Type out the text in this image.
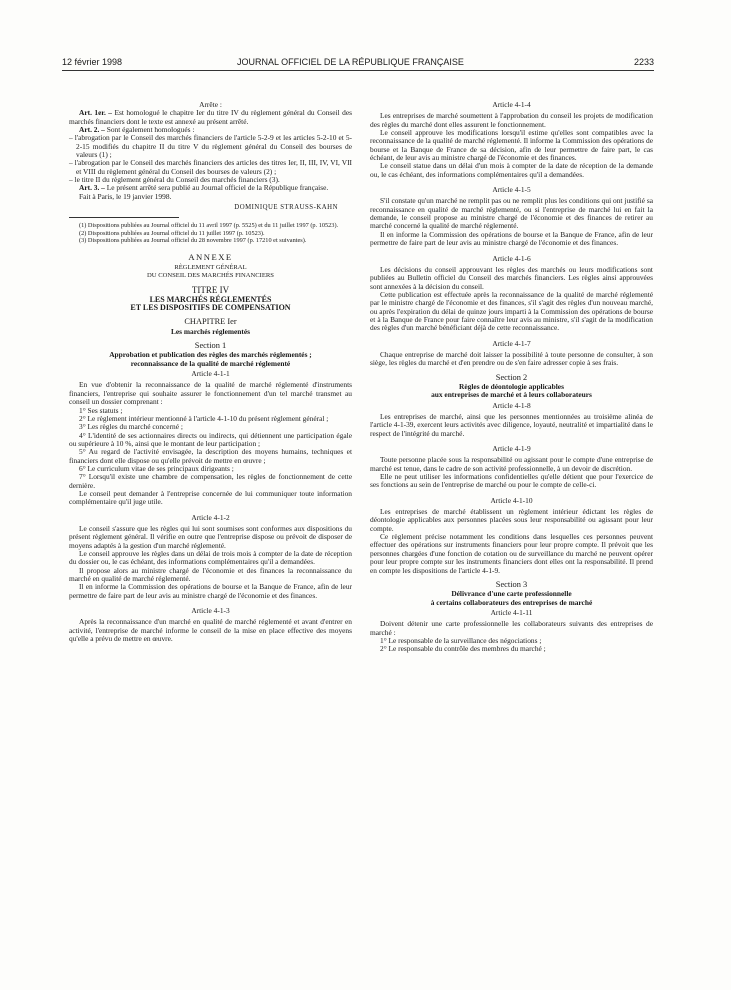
12 février 1998	JOURNAL OFFICIEL DE LA RÉPUBLIQUE FRANÇAISE	2233

Arrête :

Art. 1er. – Est homologué le chapitre Ier du titre IV du règlement général du Conseil des marchés financiers dont le texte est annexé au présent arrêté.

Art. 2. – Sont également homologués :

– l'abrogation par le Conseil des marchés financiers de l'article 5-2-9 et les articles 5-2-10 et 5-2-15 modifiés du chapitre II du titre V du règlement général du Conseil des bourses de valeurs (1) ;

– l'abrogation par le Conseil des marchés financiers des articles des titres Ier, II, III, IV, VI, VII et VIII du règlement général du Conseil des bourses de valeurs (2) ;

– le titre II du règlement général du Conseil des marchés financiers (3).

Art. 3. – Le présent arrêté sera publié au Journal officiel de la République française.

Fait à Paris, le 19 janvier 1998.

DOMINIQUE STRAUSS-KAHN

(1) Dispositions publiées au Journal officiel du 11 avril 1997 (p. 5525) et du 11 juillet 1997 (p. 10523).

(2) Dispositions publiées au Journal officiel du 11 juillet 1997 (p. 10523).

(3) Dispositions publiées au Journal officiel du 28 novembre 1997 (p. 17210 et suivantes).

ANNEXE

RÈGLEMENT GÉNÉRAL

DU CONSEIL DES MARCHÉS FINANCIERS

TITRE IV

LES MARCHÉS RÉGLEMENTÉS

ET LES DISPOSITIFS DE COMPENSATION

CHAPITRE Ier

Les marchés réglementés

Section 1

Approbation et publication des règles des marchés réglementés ;

reconnaissance de la qualité de marché réglementé

Article 4-1-1

En vue d'obtenir la reconnaissance de la qualité de marché réglementé d'instruments financiers, l'entreprise qui souhaite assurer le fonctionnement d'un tel marché transmet au conseil un dossier comprenant :

1° Ses statuts ;

2° Le règlement intérieur mentionné à l'article 4-1-10 du présent règlement général ;

3° Les règles du marché concerné ;

4° L'identité de ses actionnaires directs ou indirects, qui détiennent une participation égale ou supérieure à 10 %, ainsi que le montant de leur participation ;

5° Au regard de l'activité envisagée, la description des moyens humains, techniques et financiers dont elle dispose ou qu'elle prévoit de mettre en œuvre ;

6° Le curriculum vitae de ses principaux dirigeants ;

7° Lorsqu'il existe une chambre de compensation, les règles de fonctionnement de cette dernière.

Le conseil peut demander à l'entreprise concernée de lui communiquer toute information complémentaire qu'il juge utile.

Article 4-1-2

Le conseil s'assure que les règles qui lui sont soumises sont conformes aux dispositions du présent règlement général. Il vérifie en outre que l'entreprise dispose ou prévoit de disposer de moyens adaptés à la gestion d'un marché réglementé.

Le conseil approuve les règles dans un délai de trois mois à compter de la date de réception du dossier ou, le cas échéant, des informations complémentaires qu'il a demandées.

Il propose alors au ministre chargé de l'économie et des finances la reconnaissance du marché en qualité de marché réglementé.

Il en informe la Commission des opérations de bourse et la Banque de France, afin de leur permettre de faire part de leur avis au ministre chargé de l'économie et des finances.

Article 4-1-3

Après la reconnaissance d'un marché en qualité de marché réglementé et avant d'entrer en activité, l'entreprise de marché informe le conseil de la mise en place effective des moyens qu'elle a prévu de mettre en œuvre.

Article 4-1-4

Les entreprises de marché soumettent à l'approbation du conseil les projets de modification des règles du marché dont elles assurent le fonctionnement.

Le conseil approuve les modifications lorsqu'il estime qu'elles sont compatibles avec la reconnaissance de la qualité de marché réglementé. Il informe la Commission des opérations de bourse et la Banque de France de sa décision, afin de leur permettre de faire part, le cas échéant, de leur avis au ministre chargé de l'économie et des finances.

Le conseil statue dans un délai d'un mois à compter de la date de réception de la demande ou, le cas échéant, des informations complémentaires qu'il a demandées.

Article 4-1-5

S'il constate qu'un marché ne remplit pas ou ne remplit plus les conditions qui ont justifié sa reconnaissance en qualité de marché réglementé, ou si l'entreprise de marché lui en fait la demande, le conseil propose au ministre chargé de l'économie et des finances de retirer au marché concerné la qualité de marché réglementé.

Il en informe la Commission des opérations de bourse et la Banque de France, afin de leur permettre de faire part de leur avis au ministre chargé de l'économie et des finances.

Article 4-1-6

Les décisions du conseil approuvant les règles des marchés ou leurs modifications sont publiées au Bulletin officiel du Conseil des marchés financiers. Les règles ainsi approuvées sont annexées à la décision du conseil.

Cette publication est effectuée après la reconnaissance de la qualité de marché réglementé par le ministre chargé de l'économie et des finances, s'il s'agit des règles d'un nouveau marché, ou après l'expiration du délai de quinze jours imparti à la Commission des opérations de bourse et à la Banque de France pour faire connaître leur avis au ministre, s'il s'agit de la modification des règles d'un marché bénéficiant déjà de cette reconnaissance.

Article 4-1-7

Chaque entreprise de marché doit laisser la possibilité à toute personne de consulter, à son siège, les règles du marché et d'en prendre ou de s'en faire adresser copie à ses frais.

Section 2

Règles de déontologie applicables

aux entreprises de marché et à leurs collaborateurs

Article 4-1-8

Les entreprises de marché, ainsi que les personnes mentionnées au troisième alinéa de l'article 4-1-39, exercent leurs activités avec diligence, loyauté, neutralité et impartialité dans le respect de l'intégrité du marché.

Article 4-1-9

Toute personne placée sous la responsabilité ou agissant pour le compte d'une entreprise de marché est tenue, dans le cadre de son activité professionnelle, à un devoir de discrétion.

Elle ne peut utiliser les informations confidentielles qu'elle détient que pour l'exercice de ses fonctions au sein de l'entreprise de marché ou pour le compte de celle-ci.

Article 4-1-10

Les entreprises de marché établissent un règlement intérieur édictant les règles de déontologie applicables aux personnes placées sous leur responsabilité ou agissant pour leur compte.

Ce règlement précise notamment les conditions dans lesquelles ces personnes peuvent effectuer des opérations sur instruments financiers pour leur propre compte. Il prévoit que les personnes chargées d'une fonction de cotation ou de surveillance du marché ne peuvent opérer pour leur propre compte sur les instruments financiers dont elles ont la responsabilité. Il prend en compte les dispositions de l'article 4-1-9.

Section 3

Délivrance d'une carte professionnelle

à certains collaborateurs des entreprises de marché

Article 4-1-11

Doivent détenir une carte professionnelle les collaborateurs suivants des entreprises de marché :

1° Le responsable de la surveillance des négociations ;

2° Le responsable du contrôle des membres du marché ;
